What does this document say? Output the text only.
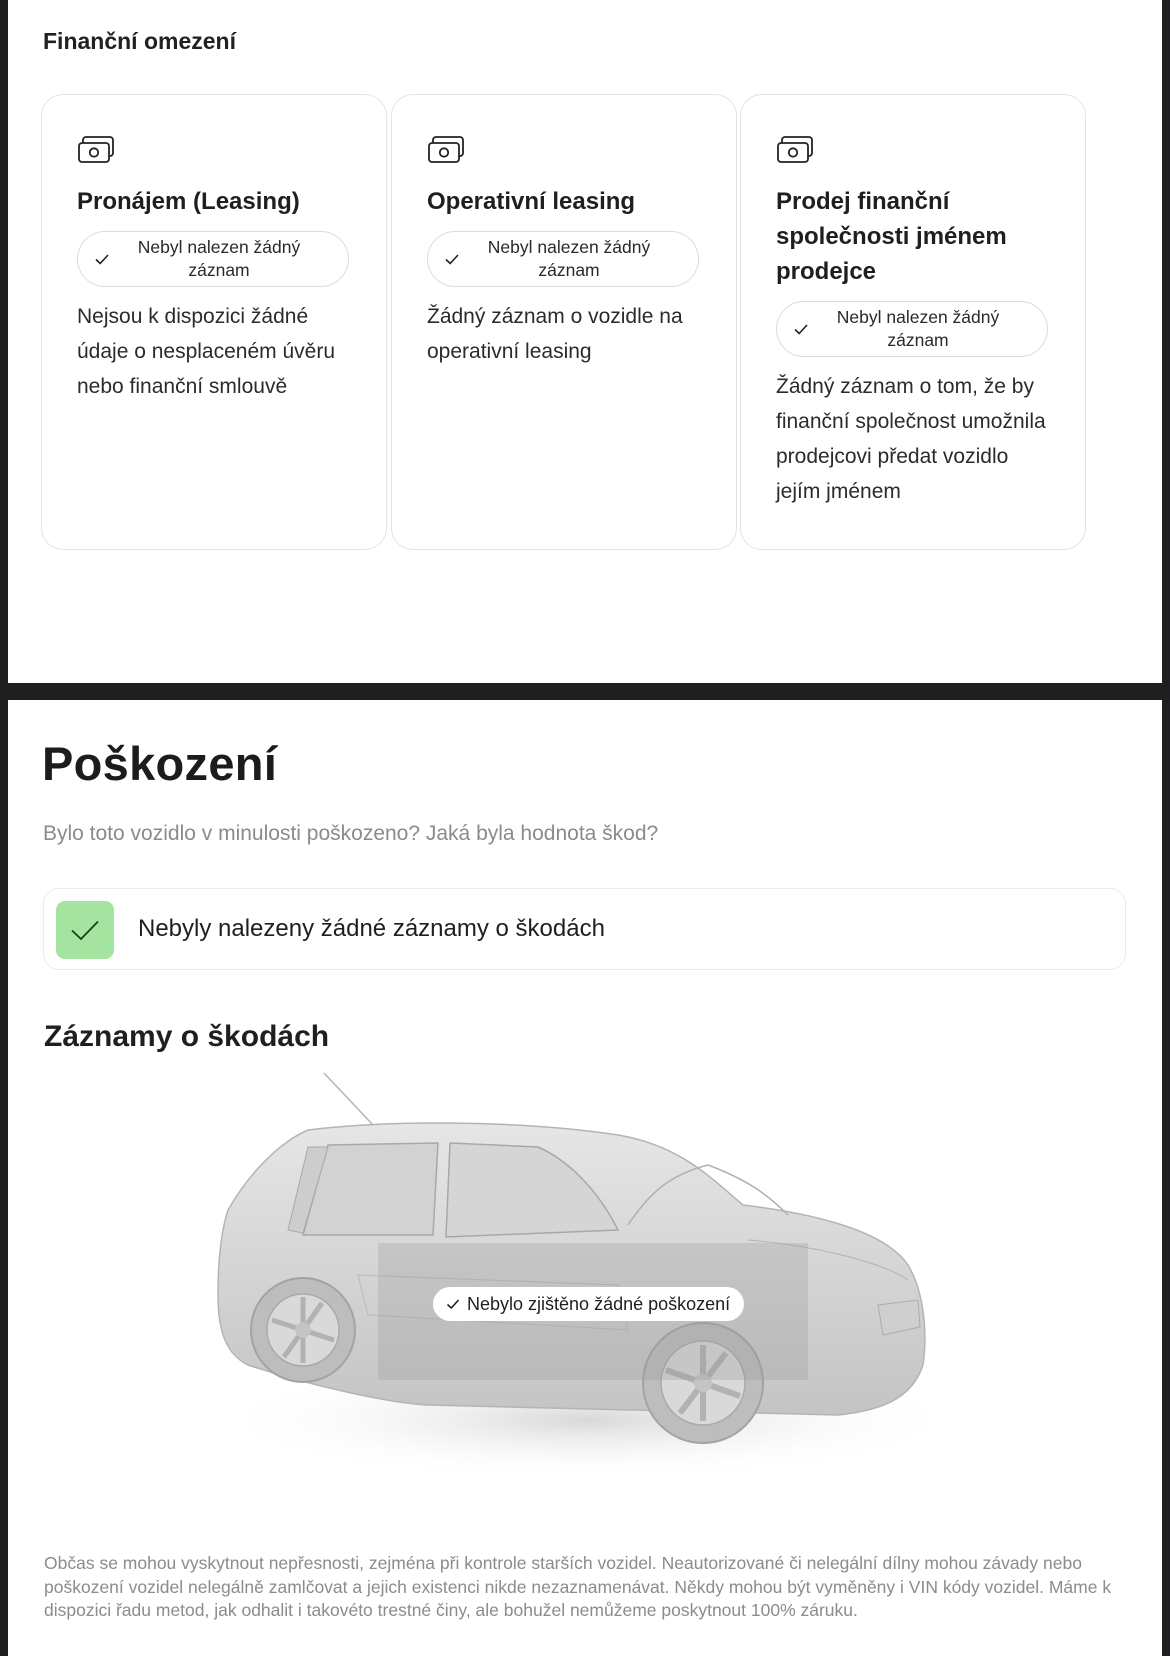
Finanční omezení
Pronájem (Leasing)
Nebyl nalezen žádný záznam

Nejsou k dispozici žádné údaje o nesplaceném úvěru nebo finanční smlouvě

Operativní leasing
Nebyl nalezen žádný záznam

Žádný záznam o vozidle na operativní leasing

Prodej finanční společnosti jménem prodejce
Nebyl nalezen žádný záznam

Žádný záznam o tom, že by finanční společnost umožnila prodejcovi předat vozidlo jejím jménem

Poškození
Bylo toto vozidlo v minulosti poškozeno? Jaká byla hodnota škod?
Nebyly nalezeny žádné záznamy o škodách
Záznamy o škodách
Nebylo zjištěno žádné poškození

Občas se mohou vyskytnout nepřesnosti, zejména při kontrole starších vozidel. Neautorizované či nelegální dílny mohou závady nebo poškození vozidel nelegálně zamlčovat a jejich existenci nikde nezaznamenávat. Někdy mohou být vyměněny i VIN kódy vozidel. Máme k dispozici řadu metod, jak odhalit i takovéto trestné činy, ale bohužel nemůžeme poskytnout 100% záruku.
